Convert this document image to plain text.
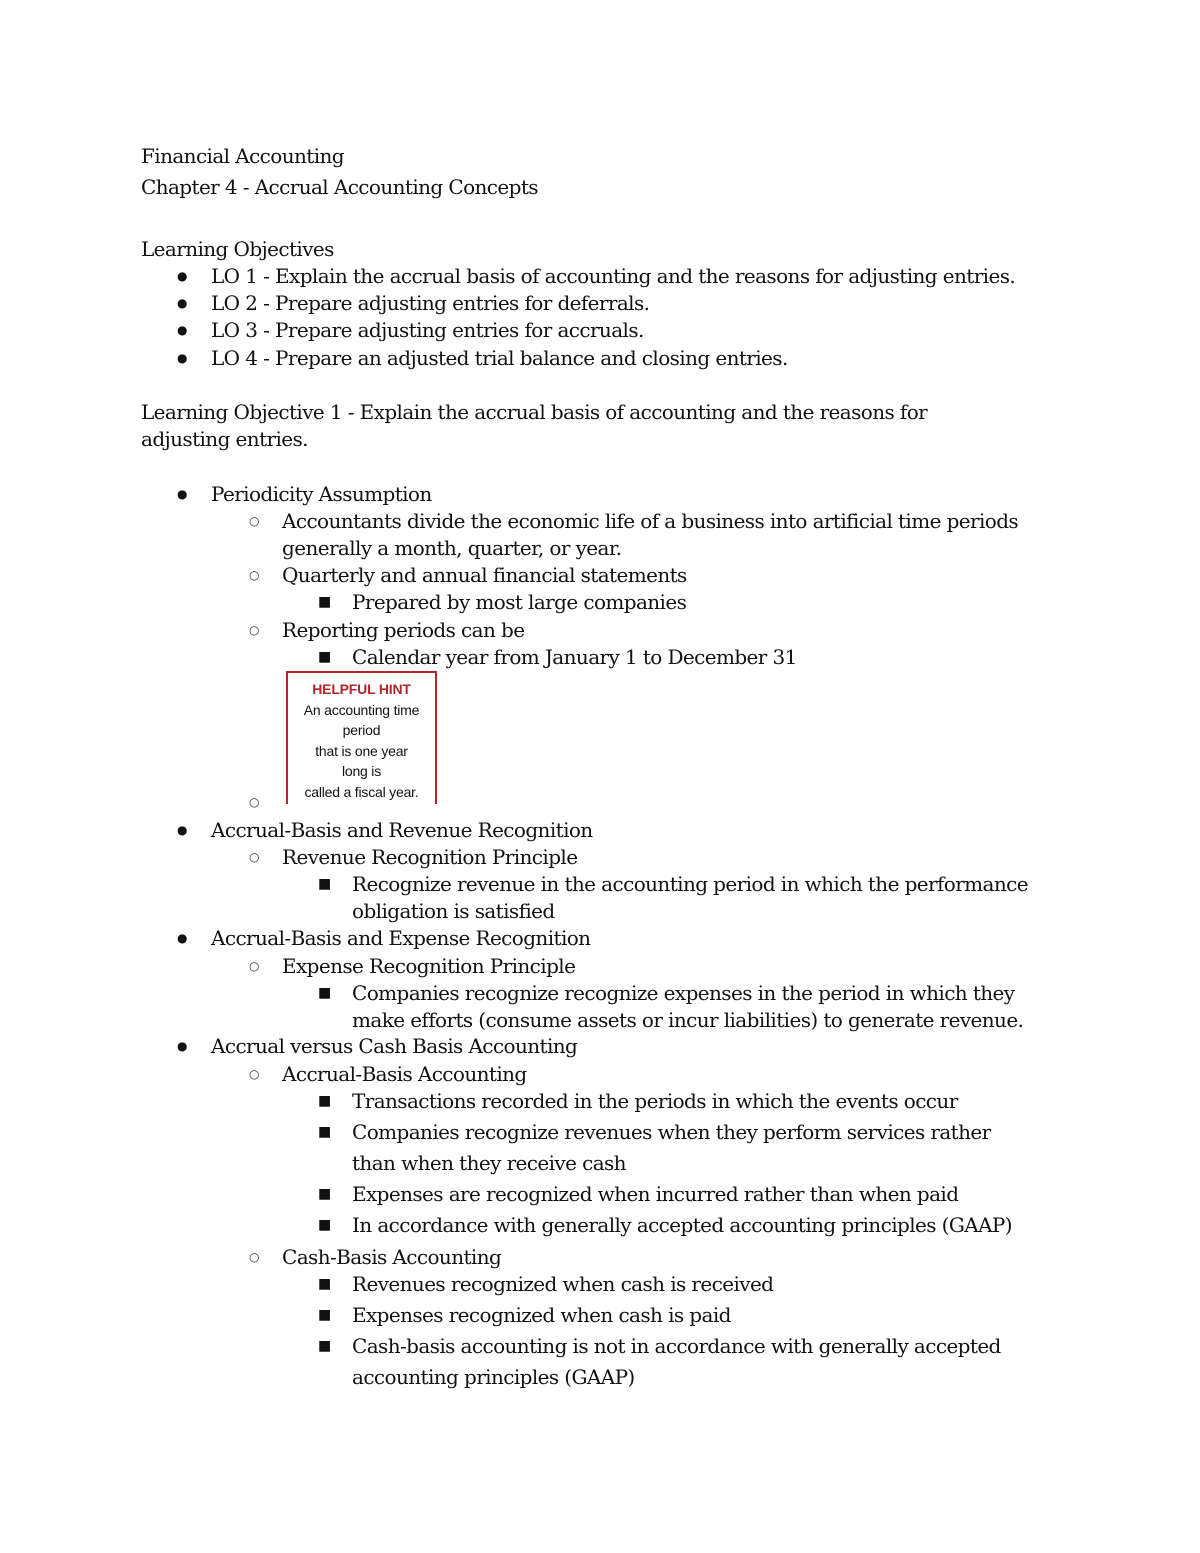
Financial Accounting
Chapter 4 - Accrual Accounting Concepts
Learning Objectives
● LO 1 - Explain the accrual basis of accounting and the reasons for adjusting entries.
● LO 2 - Prepare adjusting entries for deferrals.
● LO 3 - Prepare adjusting entries for accruals.
● LO 4 - Prepare an adjusted trial balance and closing entries.
Learning Objective 1 - Explain the accrual basis of accounting and the reasons for
adjusting entries.
● Periodicity Assumption
○ Accountants divide the economic life of a business into artificial time periods
generally a month, quarter, or year.
○ Quarterly and annual financial statements
■ Prepared by most large companies
○ Reporting periods can be
■ Calendar year from January 1 to December 31
○
HELPFUL HINT
An accounting time
period
that is one year
long is
called a fiscal year.
● Accrual-Basis and Revenue Recognition
○ Revenue Recognition Principle
■ Recognize revenue in the accounting period in which the performance
obligation is satisfied
● Accrual-Basis and Expense Recognition
○ Expense Recognition Principle
■ Companies recognize recognize expenses in the period in which they
make efforts (consume assets or incur liabilities) to generate revenue.
● Accrual versus Cash Basis Accounting
○ Accrual-Basis Accounting
■ Transactions recorded in the periods in which the events occur
■ Companies recognize revenues when they perform services rather
than when they receive cash
■ Expenses are recognized when incurred rather than when paid
■ In accordance with generally accepted accounting principles (GAAP)
○ Cash-Basis Accounting
■ Revenues recognized when cash is received
■ Expenses recognized when cash is paid
■ Cash-basis accounting is not in accordance with generally accepted
accounting principles (GAAP)
